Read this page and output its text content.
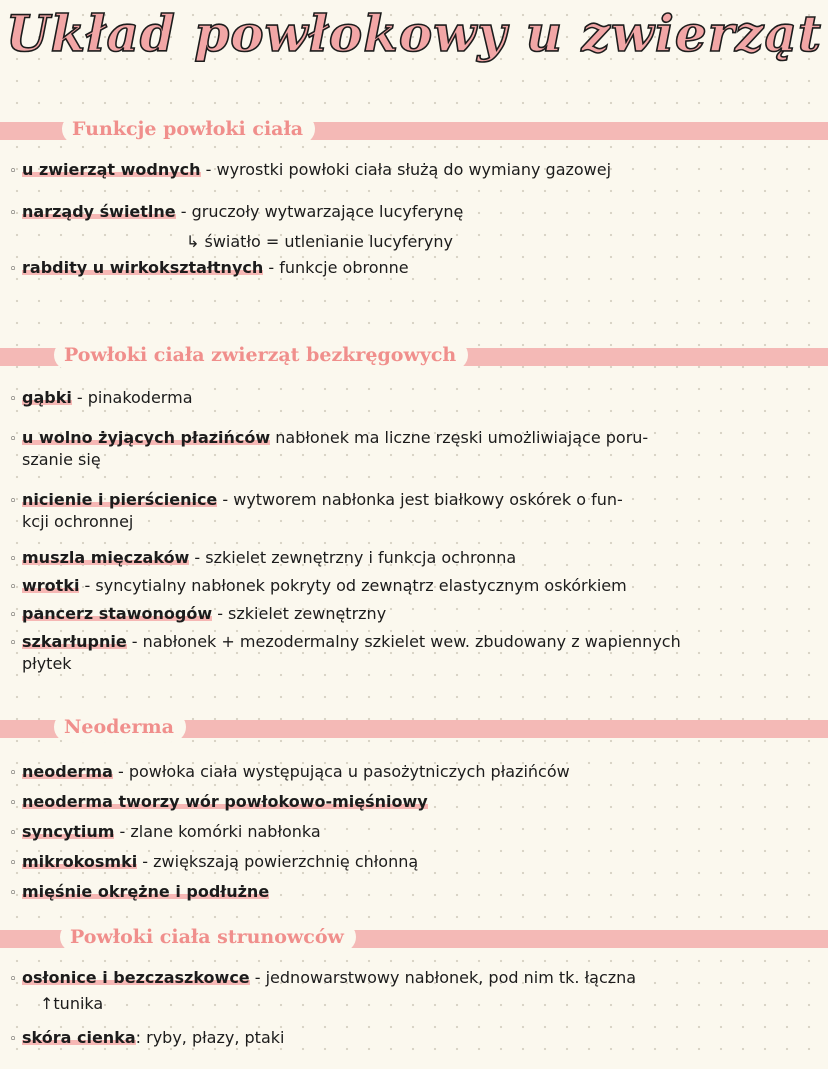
Układ powłokowy u zwierząt
Funkcje powłoki ciała
◦ u zwierząt wodnych - wyrostki powłoki ciała służą do wymiany gazowej
◦ narządy świetlne - gruczoły wytwarzające lucyferynę
↳ światło = utlenianie lucyferyny
◦ rabdity u wirkokształtnych - funkcje obronne
Powłoki ciała zwierząt bezkręgowych
◦ gąbki - pinakoderma
◦ u wolno żyjących płazińców nabłonek ma liczne rzęski umożliwiające poru-
szanie się
◦ nicienie i pierścienice - wytworem nabłonka jest białkowy oskórek o fun-
kcji ochronnej
◦ muszla mięczaków - szkielet zewnętrzny i funkcja ochronna
◦ wrotki - syncytialny nabłonek pokryty od zewnątrz elastycznym oskórkiem
◦ pancerz stawonogów - szkielet zewnętrzny
◦ szkarłupnie - nabłonek + mezodermalny szkielet wew. zbudowany z wapiennych
płytek
Neoderma
◦ neoderma - powłoka ciała występująca u pasożytniczych płazińców
◦ neoderma tworzy wór powłokowo-mięśniowy
◦ syncytium - zlane komórki nabłonka
◦ mikrokosmki - zwiększają powierzchnię chłonną
◦ mięśnie okrężne i podłużne
Powłoki ciała strunowców
◦ osłonice i bezczaszkowce - jednowarstwowy nabłonek, pod nim tk. łączna
↑tunika
◦ skóra cienka: ryby, płazy, ptaki
